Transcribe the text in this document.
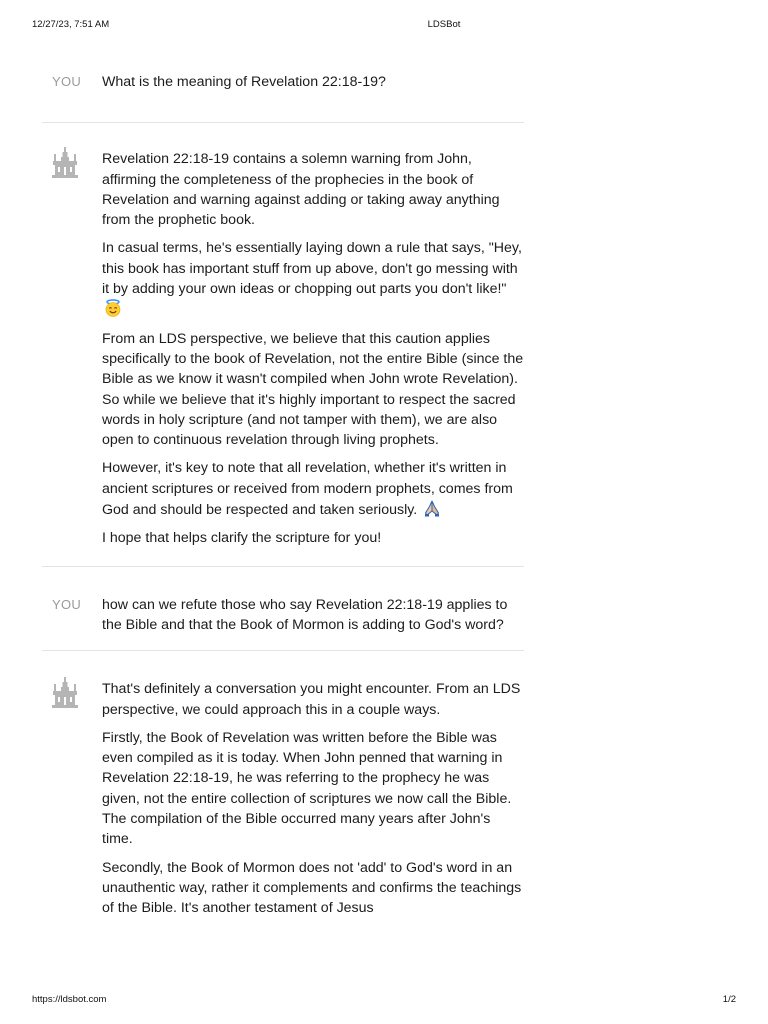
12/27/23, 7:51 AM	LDSBot
YOU	What is the meaning of Revelation 22:18-19?

Revelation 22:18-19 contains a solemn warning from John, affirming the completeness of the prophecies in the book of Revelation and warning against adding or taking away anything from the prophetic book.

In casual terms, he's essentially laying down a rule that says, "Hey, this book has important stuff from up above, don't go messing with it by adding your own ideas or chopping out parts you don't like!"

From an LDS perspective, we believe that this caution applies specifically to the book of Revelation, not the entire Bible (since the Bible as we know it wasn't compiled when John wrote Revelation). So while we believe that it's highly important to respect the sacred words in holy scripture (and not tamper with them), we are also open to continuous revelation through living prophets.

However, it's key to note that all revelation, whether it's written in ancient scriptures or received from modern prophets, comes from God and should be respected and taken seriously.

I hope that helps clarify the scripture for you!

YOU	how can we refute those who say Revelation 22:18-19 applies to the Bible and that the Book of Mormon is adding to God's word?

That's definitely a conversation you might encounter. From an LDS perspective, we could approach this in a couple ways.

Firstly, the Book of Revelation was written before the Bible was even compiled as it is today. When John penned that warning in Revelation 22:18-19, he was referring to the prophecy he was given, not the entire collection of scriptures we now call the Bible. The compilation of the Bible occurred many years after John's time.

Secondly, the Book of Mormon does not 'add' to God's word in an unauthentic way, rather it complements and confirms the teachings of the Bible. It's another testament of Jesus

https://ldsbot.com	1/2
